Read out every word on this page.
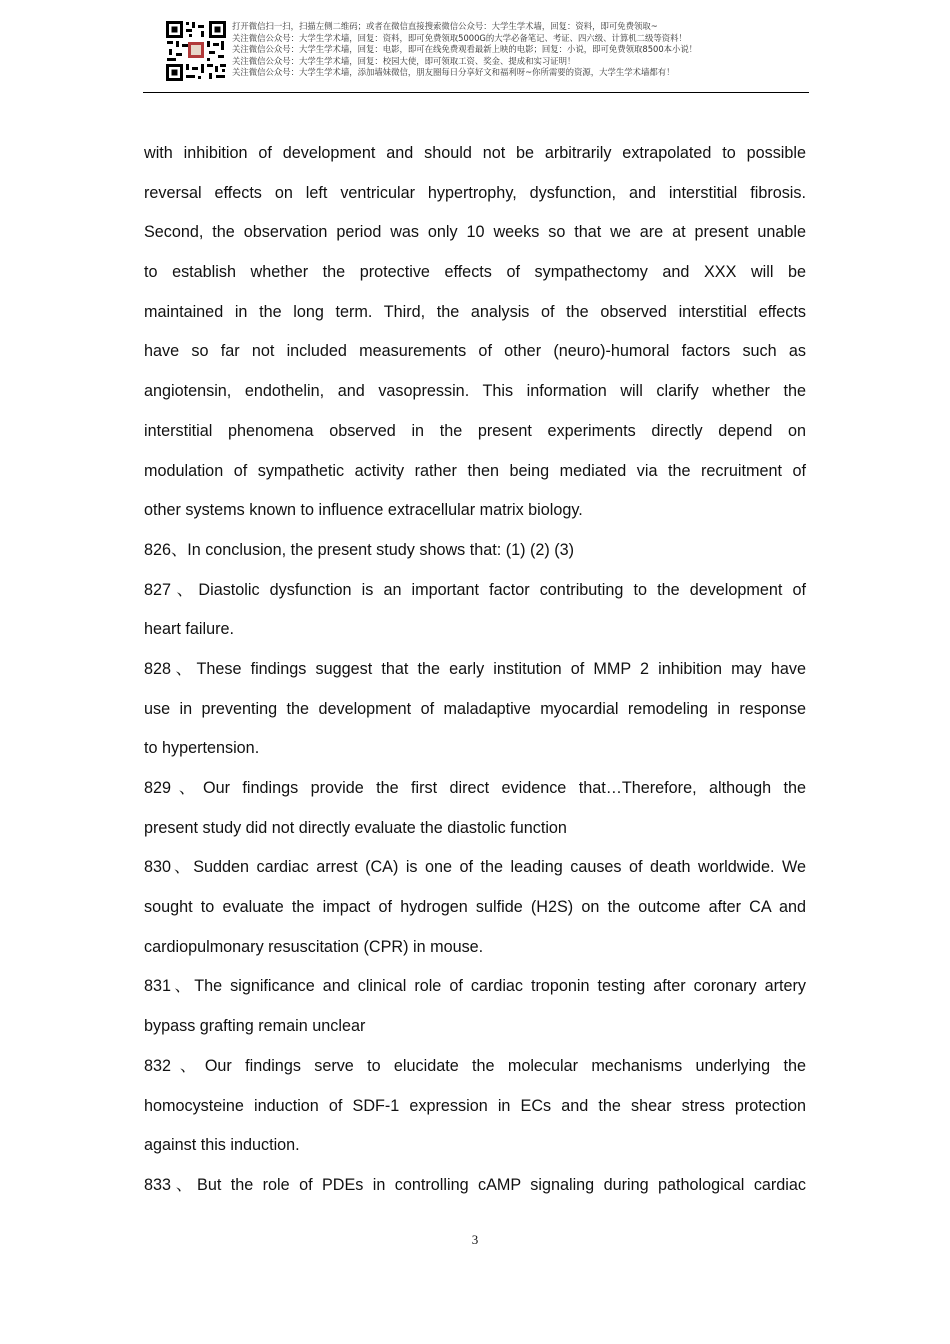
打开微信扫一扫，扫描左侧二维码；或者在微信直接搜索微信公众号：大学生学术墙，回复：资料，即可免费领取~
关注微信公众号：大学生学术墙，回复：资料，即可免费领取5000G的大学必备笔记、考证、四六级、计算机二级等资料！
关注微信公众号：大学生学术墙，回复：电影，即可在线免费观看最新上映的电影；回复：小说，即可免费领取8500本小说！
关注微信公众号：大学生学术墙，回复：校园大使，即可领取工资、奖金、提成和实习证明！
关注微信公众号：大学生学术墙，添加墙妹微信，朋友圈每日分享好文和福利呀~你所需要的资源，大学生学术墙都有！
with inhibition of development and should not be arbitrarily extrapolated to possible
reversal effects on left ventricular hypertrophy, dysfunction, and interstitial fibrosis.
Second, the observation period was only 10 weeks so that we are at present unable
to establish whether the protective effects of sympathectomy and XXX will be
maintained in the long term. Third, the analysis of the observed interstitial effects
have so far not included measurements of other (neuro)-humoral factors such as
angiotensin, endothelin, and vasopressin. This information will clarify whether the
interstitial phenomena observed in the present experiments directly depend on
modulation of sympathetic activity rather then being mediated via the recruitment of
other systems known to influence extracellular matrix biology.
826、In conclusion, the present study shows that: (1) (2) (3)
827、Diastolic dysfunction is an important factor contributing to the development of
heart failure.
828、These findings suggest that the early institution of MMP 2 inhibition may have
use in preventing the development of maladaptive myocardial remodeling in response
to hypertension.
829、Our findings provide the first direct evidence that…Therefore, although the
present study did not directly evaluate the diastolic function
830、Sudden cardiac arrest (CA) is one of the leading causes of death worldwide. We
sought to evaluate the impact of hydrogen sulfide (H2S) on the outcome after CA and
cardiopulmonary resuscitation (CPR) in mouse.
831、The significance and clinical role of cardiac troponin testing after coronary artery
bypass grafting remain unclear
832、Our findings serve to elucidate the molecular mechanisms underlying the
homocysteine induction of SDF-1 expression in ECs and the shear stress protection
against this induction.
833、But the role of PDEs in controlling cAMP signaling during pathological cardiac
3
